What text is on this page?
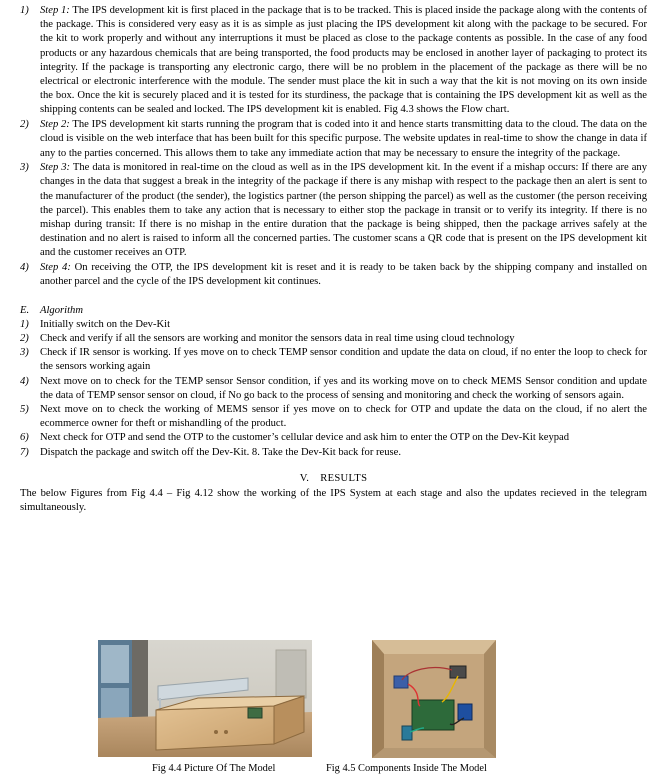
1) Step 1: The IPS development kit is first placed in the package that is to be tracked. This is placed inside the package along with the contents of the package. This is considered very easy as it is as simple as just placing the IPS development kit along with the package to be secured. For the kit to work properly and without any interruptions it must be placed as close to the package contents as possible. In the case of any food products or any hazardous chemicals that are being transported, the food products may be enclosed in another layer of packaging to protect its integrity. If the package is transporting any electronic cargo, there will be no problem in the placement of the package as there will be no electrical or electronic interference with the module. The sender must place the kit in such a way that the kit is not moving on its own inside the box. Once the kit is securely placed and it is tested for its sturdiness, the package that is containing the IPS development kit as well as the shipping contents can be sealed and locked. The IPS development kit is enabled. Fig 4.3 shows the Flow chart.
2) Step 2: The IPS development kit starts running the program that is coded into it and hence starts transmitting data to the cloud. The data on the cloud is visible on the web interface that has been built for this specific purpose. The website updates in real-time to show the change in data if any to the parties concerned. This allows them to take any immediate action that may be necessary to ensure the integrity of the package.
3) Step 3: The data is monitored in real-time on the cloud as well as in the IPS development kit. In the event if a mishap occurs: If there are any changes in the data that suggest a break in the integrity of the package if there is any mishap with respect to the package then an alert is sent to the manufacturer of the product (the sender), the logistics partner (the person shipping the parcel) as well as the customer (the person receiving the parcel). This enables them to take any action that is necessary to either stop the package in transit or to verify its integrity. If there is no mishap during transit: If there is no mishap in the entire duration that the package is being shipped, then the package arrives safely at the destination and no alert is raised to inform all the concerned parties. The customer scans a QR code that is present on the IPS development kit and the customer receives an OTP.
4) Step 4: On receiving the OTP, the IPS development kit is reset and it is ready to be taken back by the shipping company and installed on another parcel and the cycle of the IPS development kit continues.
E. Algorithm
1) Initially switch on the Dev-Kit
2) Check and verify if all the sensors are working and monitor the sensors data in real time using cloud technology
3) Check if IR sensor is working. If yes move on to check TEMP sensor condition and update the data on cloud, if no enter the loop to check for the sensors working again
4) Next move on to check for the TEMP sensor Sensor condition, if yes and its working move on to check MEMS Sensor condition and update the data of TEMP sensor sensor on cloud, if No go back to the process of sensing and monitoring and check the working of sensors again.
5) Next move on to check the working of MEMS sensor if yes move on to check for OTP and update the data on the cloud, if no alert the ecommerce owner for theft or mishandling of the product.
6) Next check for OTP and send the OTP to the customer’s cellular device and ask him to enter the OTP on the Dev-Kit keypad
7) Dispatch the package and switch off the Dev-Kit. 8. Take the Dev-Kit back for reuse.
V. RESULTS
The below Figures from Fig 4.4 – Fig 4.12 show the working of the IPS System at each stage and also the updates recieved in the telegram simultaneously.
Fig 4.4 Picture Of The Model	Fig 4.5 Components Inside The Model
